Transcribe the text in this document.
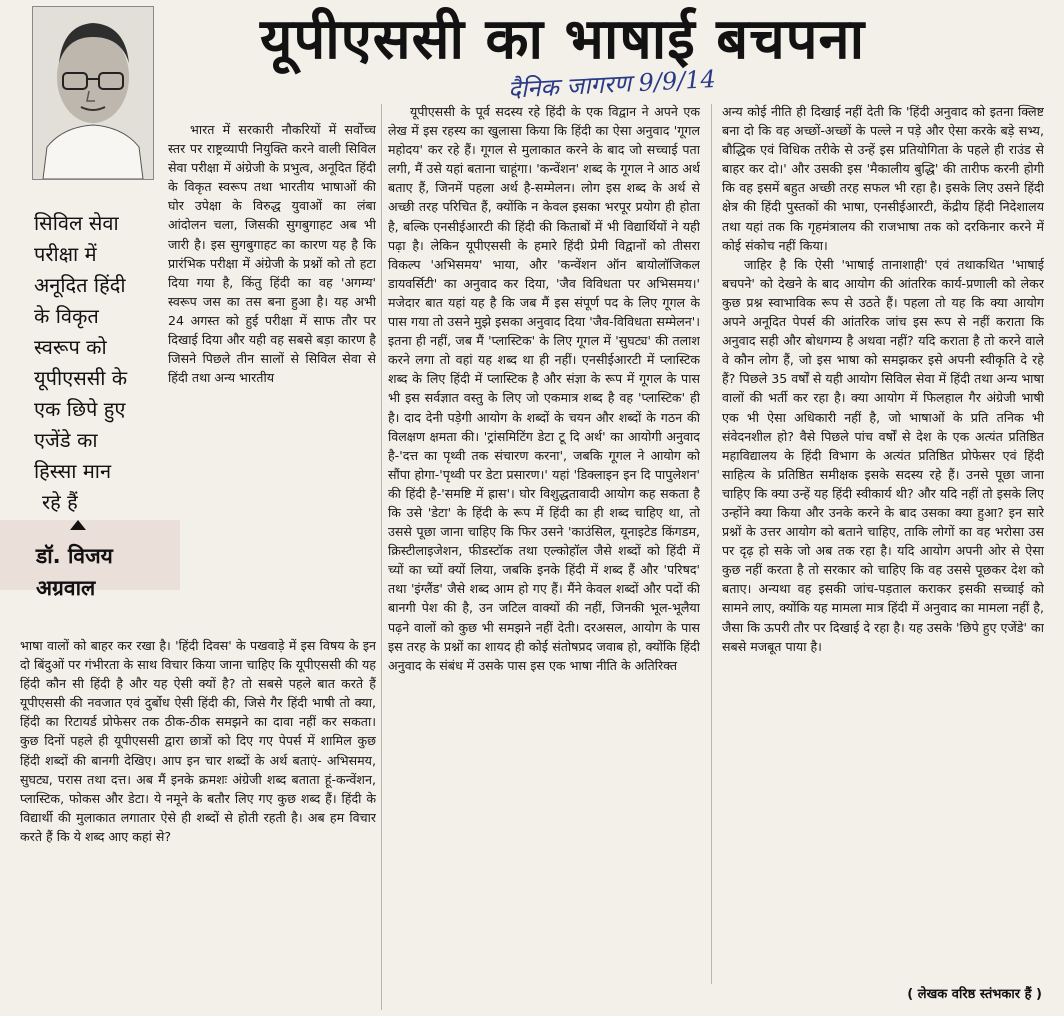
यूपीएससी का भाषाई बचपना
दैनिक जागरण 9/9/14
सिविल सेवा
परीक्षा में
अनूदित हिंदी
के विकृत
स्वरूप को
यूपीएससी के
एक छिपे हुए
एजेंडे का
हिस्सा मान
रहे हैं
डॉ. विजय
अग्रवाल

भारत में सरकारी नौकरियों में सर्वोच्च स्तर पर राष्ट्रव्यापी नियुक्ति करने वाली सिविल सेवा परीक्षा में अंग्रेजी के प्रभुत्व, अनूदित हिंदी के विकृत स्वरूप तथा भारतीय भाषाओं की घोर उपेक्षा के विरुद्ध युवाओं का लंबा आंदोलन चला, जिसकी सुगबुगाहट अब भी जारी है। इस सुगबुगाहट का कारण यह है कि प्रारंभिक परीक्षा में अंग्रेजी के प्रश्नों को तो हटा दिया गया है, किंतु हिंदी का वह 'अगम्य' स्वरूप जस का तस बना हुआ है। यह अभी 24 अगस्त को हुई परीक्षा में साफ तौर पर दिखाई दिया और यही वह सबसे बड़ा कारण है जिसने पिछले तीन सालों से सिविल सेवा से हिंदी तथा अन्य भारतीय

भाषा वालों को बाहर कर रखा है। 'हिंदी दिवस' के पखवाड़े में इस विषय के इन दो बिंदुओं पर गंभीरता के साथ विचार किया जाना चाहिए कि यूपीएससी की यह हिंदी कौन सी हिंदी है और यह ऐसी क्यों है? तो सबसे पहले बात करते हैं यूपीएससी की नवजात एवं दुर्बोध ऐसी हिंदी की, जिसे गैर हिंदी भाषी तो क्या, हिंदी का रिटायर्ड प्रोफेसर तक ठीक-ठीक समझने का दावा नहीं कर सकता। कुछ दिनों पहले ही यूपीएससी द्वारा छात्रों को दिए गए पेपर्स में शामिल कुछ हिंदी शब्दों की बानगी देखिए। आप इन चार शब्दों के अर्थ बताएं- अभिसमय, सुघट्य, परास तथा दत्त। अब मैं इनके क्रमशः अंग्रेजी शब्द बताता हूं-कन्वेंशन, प्लास्टिक, फोकस और डेटा। ये नमूने के बतौर लिए गए कुछ शब्द हैं। हिंदी के विद्यार्थी की मुलाकात लगातार ऐसे ही शब्दों से होती रहती है। अब हम विचार करते हैं कि ये शब्द आए कहां से?

यूपीएससी के पूर्व सदस्य रहे हिंदी के एक विद्वान ने अपने एक लेख में इस रहस्य का खुलासा किया कि हिंदी का ऐसा अनुवाद 'गूगल महोदय' कर रहे हैं। गूगल से मुलाकात करने के बाद जो सच्चाई पता लगी, मैं उसे यहां बताना चाहूंगा। 'कन्वेंशन' शब्द के गूगल ने आठ अर्थ बताए हैं, जिनमें पहला अर्थ है-सम्मेलन। लोग इस शब्द के अर्थ से अच्छी तरह परिचित हैं, क्योंकि न केवल इसका भरपूर प्रयोग ही होता है, बल्कि एनसीईआरटी की हिंदी की किताबों में भी विद्यार्थियों ने यही पढ़ा है। लेकिन यूपीएससी के हमारे हिंदी प्रेमी विद्वानों को तीसरा विकल्प 'अभिसमय' भाया, और 'कन्वेंशन ऑन बायोलॉजिकल डायवर्सिटी' का अनुवाद कर दिया, 'जैव विविधता पर अभिसमय।' मजेदार बात यहां यह है कि जब मैं इस संपूर्ण पद के लिए गूगल के पास गया तो उसने मुझे इसका अनुवाद दिया 'जैव-विविधता सम्मेलन'। इतना ही नहीं, जब मैं 'प्लास्टिक' के लिए गूगल में 'सुघट्य' की तलाश करने लगा तो वहां यह शब्द था ही नहीं। एनसीईआरटी में प्लास्टिक शब्द के लिए हिंदी में प्लास्टिक है और संज्ञा के रूप में गूगल के पास भी इस सर्वज्ञात वस्तु के लिए जो एकमात्र शब्द है वह 'प्लास्टिक' ही है। दाद देनी पड़ेगी आयोग के शब्दों के चयन और शब्दों के गठन की विलक्षण क्षमता की। 'ट्रांसमिटिंग डेटा टू दि अर्थ' का आयोगी अनुवाद है-'दत्त का पृथ्वी तक संचारण करना', जबकि गूगल ने आयोग को सौंपा होगा-'पृथ्वी पर डेटा प्रसारण।' यहां 'डिक्लाइन इन दि पापुलेशन' की हिंदी है-'समष्टि में ह्रास'। घोर विशुद्धतावादी आयोग कह सकता है कि उसे 'डेटा' के हिंदी के रूप में हिंदी का ही शब्द चाहिए था, तो उससे पूछा जाना चाहिए कि फिर उसने 'काउंसिल, यूनाइटेड किंगडम, क्रिस्टीलाइजेशन, फीडस्टॉक तथा एल्कोहॉल जैसे शब्दों को हिंदी में च्यों का च्यों क्यों लिया, जबकि इनके हिंदी में शब्द हैं और 'परिषद' तथा 'इंग्लैंड' जैसे शब्द आम हो गए हैं। मैंने केवल शब्दों और पदों की बानगी पेश की है, उन जटिल वाक्यों की नहीं, जिनकी भूल-भूलैया पढ़ने वालों को कुछ भी समझने नहीं देती। दरअसल, आयोग के पास इस तरह के प्रश्नों का शायद ही कोई संतोषप्रद जवाब हो, क्योंकि हिंदी अनुवाद के संबंध में उसके पास इस एक भाषा नीति के अतिरिक्त

अन्य कोई नीति ही दिखाई नहीं देती कि 'हिंदी अनुवाद को इतना क्लिष्ट बना दो कि वह अच्छों-अच्छों के पल्ले न पड़े और ऐसा करके बड़े सभ्य, बौद्धिक एवं विधिक तरीके से उन्हें इस प्रतियोगिता के पहले ही राउंड से बाहर कर दो।' और उसकी इस 'मैकालीय बुद्धि' की तारीफ करनी होगी कि वह इसमें बहुत अच्छी तरह सफल भी रहा है। इसके लिए उसने हिंदी क्षेत्र की हिंदी पुस्तकों की भाषा, एनसीईआरटी, केंद्रीय हिंदी निदेशालय तथा यहां तक कि गृहमंत्रालय की राजभाषा तक को दरकिनार करने में कोई संकोच नहीं किया।

जाहिर है कि ऐसी 'भाषाई तानाशाही' एवं तथाकथित 'भाषाई बचपने' को देखने के बाद आयोग की आंतरिक कार्य-प्रणाली को लेकर कुछ प्रश्न स्वाभाविक रूप से उठते हैं। पहला तो यह कि क्या आयोग अपने अनूदित पेपर्स की आंतरिक जांच इस रूप से नहीं कराता कि अनुवाद सही और बोधगम्य है अथवा नहीं? यदि कराता है तो करने वाले वे कौन लोग हैं, जो इस भाषा को समझकर इसे अपनी स्वीकृति दे रहे हैं? पिछले 35 वर्षों से यही आयोग सिविल सेवा में हिंदी तथा अन्य भाषा वालों की भर्ती कर रहा है। क्या आयोग में फिलहाल गैर अंग्रेजी भाषी एक भी ऐसा अधिकारी नहीं है, जो भाषाओं के प्रति तनिक भी संवेदनशील हो? वैसे पिछले पांच वर्षों से देश के एक अत्यंत प्रतिष्ठित महाविद्यालय के हिंदी विभाग के अत्यंत प्रतिष्ठित प्रोफेसर एवं हिंदी साहित्य के प्रतिष्ठित समीक्षक इसके सदस्य रहे हैं। उनसे पूछा जाना चाहिए कि क्या उन्हें यह हिंदी स्वीकार्य थी? और यदि नहीं तो इसके लिए उन्होंने क्या किया और उनके करने के बाद उसका क्या हुआ? इन सारे प्रश्नों के उत्तर आयोग को बताने चाहिए, ताकि लोगों का वह भरोसा उस पर दृढ़ हो सके जो अब तक रहा है। यदि आयोग अपनी ओर से ऐसा कुछ नहीं करता है तो सरकार को चाहिए कि वह उससे पूछकर देश को बताए। अन्यथा वह इसकी जांच-पड़ताल कराकर इसकी सच्चाई को सामने लाए, क्योंकि यह मामला मात्र हिंदी में अनुवाद का मामला नहीं है, जैसा कि ऊपरी तौर पर दिखाई दे रहा है। यह उसके 'छिपे हुए एजेंडे' का सबसे मजबूत पाया है।

( लेखक वरिष्ठ स्तंभकार हैं )
